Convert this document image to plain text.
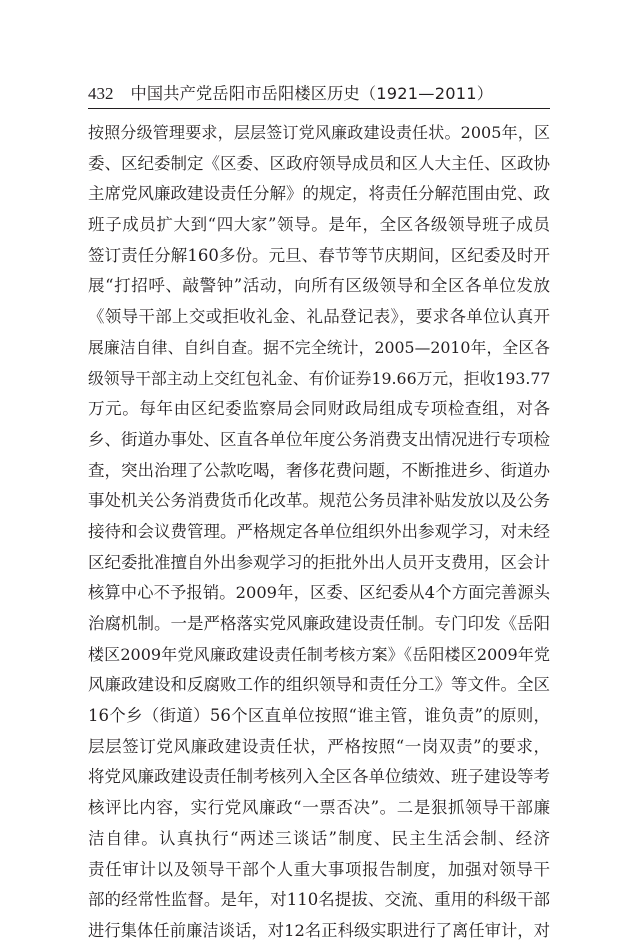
432 中国共产党岳阳市岳阳楼区历史（1921—2011）
按照分级管理要求，层层签订党风廉政建设责任状。2005年，区
委、区纪委制定《区委、区政府领导成员和区人大主任、区政协
主席党风廉政建设责任分解》的规定，将责任分解范围由党、政
班子成员扩大到“四大家”领导。是年，全区各级领导班子成员
签订责任分解160多份。元旦、春节等节庆期间，区纪委及时开
展“打招呼、敲警钟”活动，向所有区级领导和全区各单位发放
《领导干部上交或拒收礼金、礼品登记表》，要求各单位认真开
展廉洁自律、自纠自查。据不完全统计，2005—2010年，全区各
级领导干部主动上交红包礼金、有价证券19.66万元，拒收193.77
万元。每年由区纪委监察局会同财政局组成专项检查组，对各
乡、街道办事处、区直各单位年度公务消费支出情况进行专项检
查，突出治理了公款吃喝，奢侈花费问题，不断推进乡、街道办
事处机关公务消费货币化改革。规范公务员津补贴发放以及公务
接待和会议费管理。严格规定各单位组织外出参观学习，对未经
区纪委批准擅自外出参观学习的拒批外出人员开支费用，区会计
核算中心不予报销。2009年，区委、区纪委从4个方面完善源头
治腐机制。一是严格落实党风廉政建设责任制。专门印发《岳阳
楼区2009年党风廉政建设责任制考核方案》《岳阳楼区2009年党
风廉政建设和反腐败工作的组织领导和责任分工》等文件。全区
16个乡（街道）56个区直单位按照“谁主管，谁负责”的原则，
层层签订党风廉政建设责任状，严格按照“一岗双责”的要求，
将党风廉政建设责任制考核列入全区各单位绩效、班子建设等考
核评比内容，实行党风廉政“一票否决”。二是狠抓领导干部廉
洁自律。认真执行“两述三谈话”制度、民主生活会制、经济
责任审计以及领导干部个人重大事项报告制度，加强对领导干
部的经常性监督。是年，对110名提拔、交流、重用的科级干部
进行集体任前廉洁谈话，对12名正科级实职进行了离任审计，对
